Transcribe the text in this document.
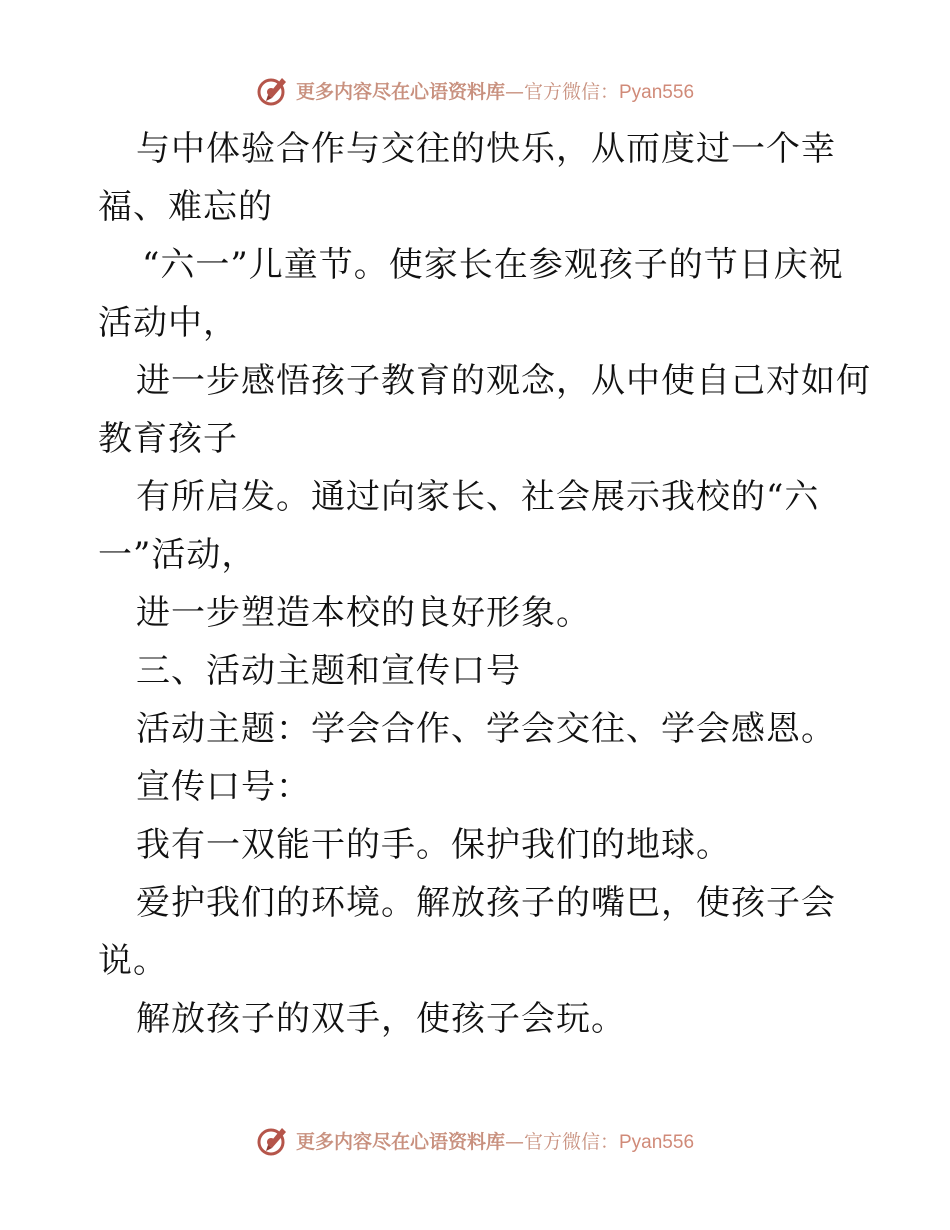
更多内容尽在心语资料库—官方微信：Pyan556
与中体验合作与交往的快乐，从而度过一个幸
福、难忘的
“六一”儿童节。使家长在参观孩子的节日庆祝
活动中，
进一步感悟孩子教育的观念，从中使自己对如何
教育孩子
有所启发。通过向家长、社会展示我校的“六
一”活动，
进一步塑造本校的良好形象。
三、活动主题和宣传口号
活动主题：学会合作、学会交往、学会感恩。
宣传口号：
我有一双能干的手。保护我们的地球。
爱护我们的环境。解放孩子的嘴巴，使孩子会
说。
解放孩子的双手，使孩子会玩。
更多内容尽在心语资料库—官方微信：Pyan556
